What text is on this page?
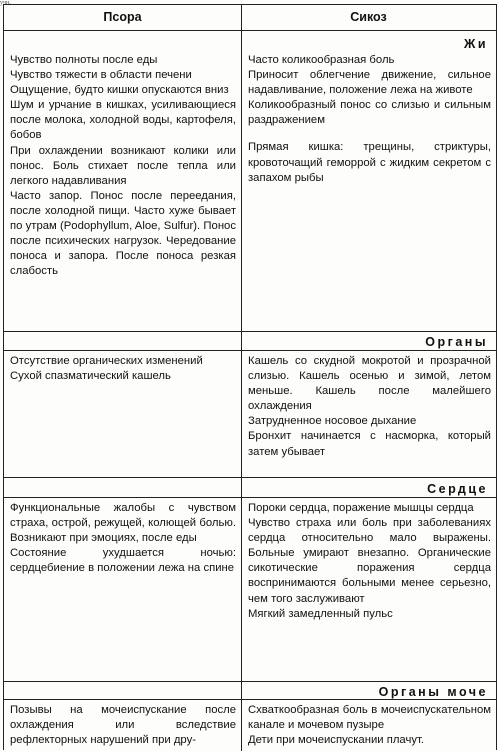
учн.
Псора	Сикоз
Жи

Чувство полноты после еды

Чувство тяжести в области печени

Ощущение, будто кишки опускаются вниз

Шум и урчание в кишках, усиливающиеся после молока, холодной воды, картофеля, бобов

При охлаждении возникают колики или понос. Боль стихает после тепла или легкого надавливания

Часто запор. Понос после переедания, после холодной пищи. Часто хуже бывает по утрам (Podophyllum, Aloe, Sulfur). Понос после психических нагрузок. Чередование поноса и запора. После поноса резкая слабость

Часто коликообразная боль

Приносит облегчение движение, сильное надавливание, положение лежа на животе

Коликообразный понос со слизью и сильным раздражением

Прямая кишка: трещины, стриктуры, кровоточащий геморрой с жидким секретом с запахом рыбы

Органы

Отсутствие органических изменений

Сухой спазматический кашель

Кашель со скудной мокротой и прозрачной слизью. Кашель осенью и зимой, летом меньше. Кашель после малейшего охлаждения

Затрудненное носовое дыхание

Бронхит начинается с насморка, который затем убывает

Сердце

Функциональные жалобы с чувством страха, острой, режущей, колющей болью. Возникают при эмоциях, после еды

Состояние ухудшается ночью: сердцебиение в положении лежа на спине

Пороки сердца, поражение мышцы сердца

Чувство страха или боль при заболеваниях сердца относительно мало выражены. Больные умирают внезапно. Органические сикотические поражения сердца воспринимаются больными менее серьезно, чем того заслуживают

Мягкий замедленный пульс

Органы моче

Позывы на мочеиспускание после охлаждения или вследствие рефлекторных нарушений при дру-

Схваткообразная боль в мочеиспускательном канале и мочевом пузыре

Дети при мочеиспускании плачут.
